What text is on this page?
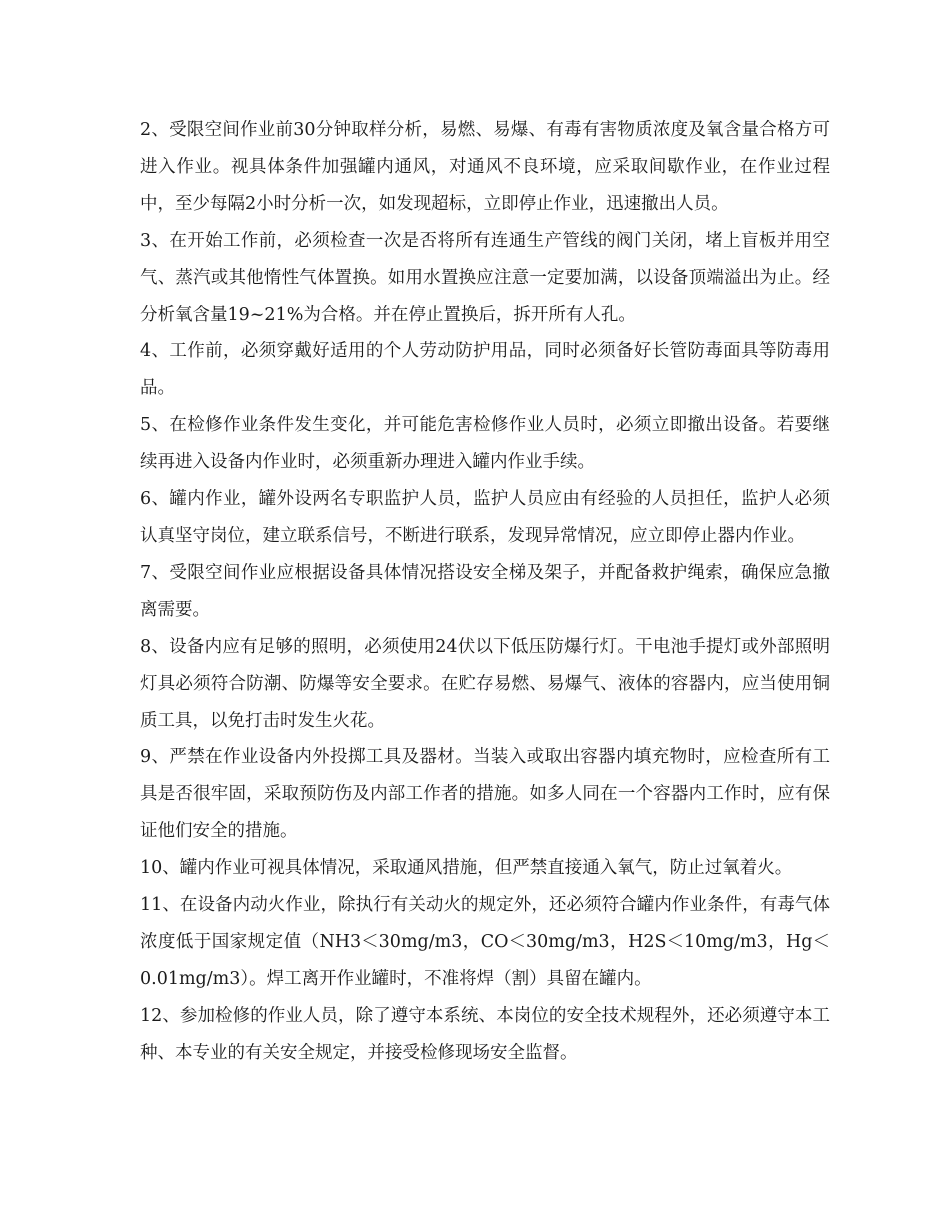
2、受限空间作业前30分钟取样分析，易燃、易爆、有毒有害物质浓度及氧含量合格方可进入作业。视具体条件加强罐内通风，对通风不良环境，应采取间歇作业，在作业过程中，至少每隔2小时分析一次，如发现超标，立即停止作业，迅速撤出人员。

3、在开始工作前，必须检查一次是否将所有连通生产管线的阀门关闭，堵上盲板并用空气、蒸汽或其他惰性气体置换。如用水置换应注意一定要加满，以设备顶端溢出为止。经分析氧含量19~21%为合格。并在停止置换后，拆开所有人孔。

4、工作前，必须穿戴好适用的个人劳动防护用品，同时必须备好长管防毒面具等防毒用品。

5、在检修作业条件发生变化，并可能危害检修作业人员时，必须立即撤出设备。若要继续再进入设备内作业时，必须重新办理进入罐内作业手续。

6、罐内作业，罐外设两名专职监护人员，监护人员应由有经验的人员担任，监护人必须认真坚守岗位，建立联系信号，不断进行联系，发现异常情况，应立即停止器内作业。

7、受限空间作业应根据设备具体情况搭设安全梯及架子，并配备救护绳索，确保应急撤离需要。

8、设备内应有足够的照明，必须使用24伏以下低压防爆行灯。干电池手提灯或外部照明灯具必须符合防潮、防爆等安全要求。在贮存易燃、易爆气、液体的容器内，应当使用铜质工具，以免打击时发生火花。

9、严禁在作业设备内外投掷工具及器材。当装入或取出容器内填充物时，应检查所有工具是否很牢固，采取预防伤及内部工作者的措施。如多人同在一个容器内工作时，应有保证他们安全的措施。

10、罐内作业可视具体情况，采取通风措施，但严禁直接通入氧气，防止过氧着火。

11、在设备内动火作业，除执行有关动火的规定外，还必须符合罐内作业条件，有毒气体浓度低于国家规定值（NH3＜30mg/m3，CO＜30mg/m3，H2S＜10mg/m3，Hg＜0.01mg/m3）。焊工离开作业罐时，不准将焊（割）具留在罐内。

12、参加检修的作业人员，除了遵守本系统、本岗位的安全技术规程外，还必须遵守本工种、本专业的有关安全规定，并接受检修现场安全监督。
